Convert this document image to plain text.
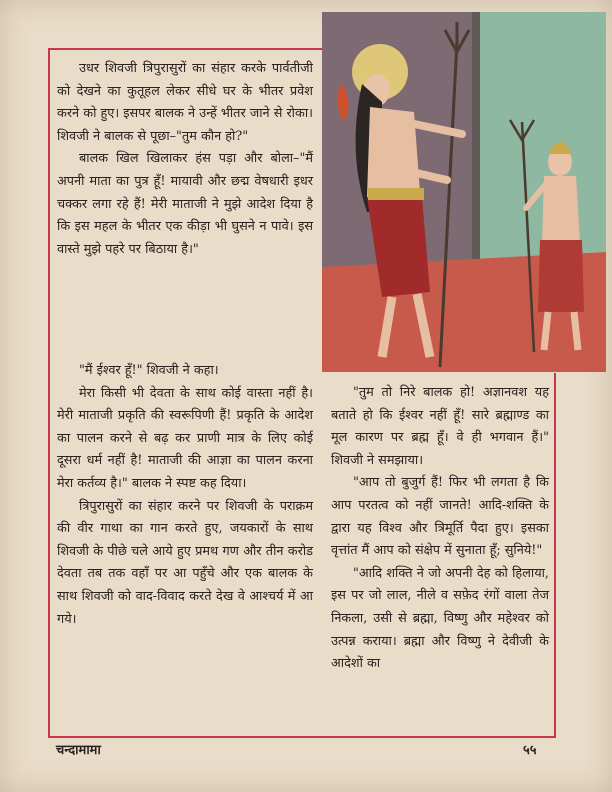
उधर शिवजी त्रिपुरासुरों का संहार करके पार्वतीजी को देखने का कुतूहल लेकर सीधे घर के भीतर प्रवेश करने को हुए। इसपर बालक ने उन्हें भीतर जाने से रोका। शिवजी ने बालक से पूछा–"तुम कौन हो?"

बालक खिल खिलाकर हंस पड़ा और बोला–"मैं अपनी माता का पुत्र हूँ! मायावी और छद्म वेषधारी इधर चक्कर लगा रहे हैं! मेरी माताजी ने मुझे आदेश दिया है कि इस महल के भीतर एक कीड़ा भी घुसने न पावे। इस वास्ते मुझे पहरे पर बिठाया है।"

"मैं ईश्वर हूँ!" शिवजी ने कहा।

मेरा किसी भी देवता के साथ कोई वास्ता नहीं है। मेरी माताजी प्रकृति की स्वरूपिणी हैं! प्रकृति के आदेश का पालन करने से बढ़ कर प्राणी मात्र के लिए कोई दूसरा धर्म नहीं है! माताजी की आज्ञा का पालन करना मेरा कर्तव्य है।" बालक ने स्पष्ट कह दिया।

त्रिपुरासुरों का संहार करने पर शिवजी के पराक्रम की वीर गाथा का गान करते हुए, जयकारों के साथ शिवजी के पीछे चले आये हुए प्रमथ गण और तीन करोड देवता तब तक वहाँ पर आ पहुँचे और एक बालक के साथ शिवजी को वाद-विवाद करते देख वे आश्चर्य में आ गये।

"तुम तो निरे बालक हो! अज्ञानवश यह बताते हो कि ईश्वर नहीं हूँ! सारे ब्रह्माण्ड का मूल कारण पर ब्रह्म हूँ। वे ही भगवान हैं।" शिवजी ने समझाया।

"आप तो बुजुर्ग हैं! फिर भी लगता है कि आप परतत्व को नहीं जानते! आदि-शक्ति के द्वारा यह विश्व और त्रिमूर्ति पैदा हुए। इसका वृत्तांत मैं आप को संक्षेप में सुनाता हूँ; सुनिये!"

"आदि शक्ति ने जो अपनी देह को हिलाया, इस पर जो लाल, नीले व सफ़ेद रंगों वाला तेज निकला, उसी से ब्रह्मा, विष्णु और महेश्वर को उत्पन्न कराया। ब्रह्मा और विष्णु ने देवीजी के आदेशों का

चन्दामामा	५५
